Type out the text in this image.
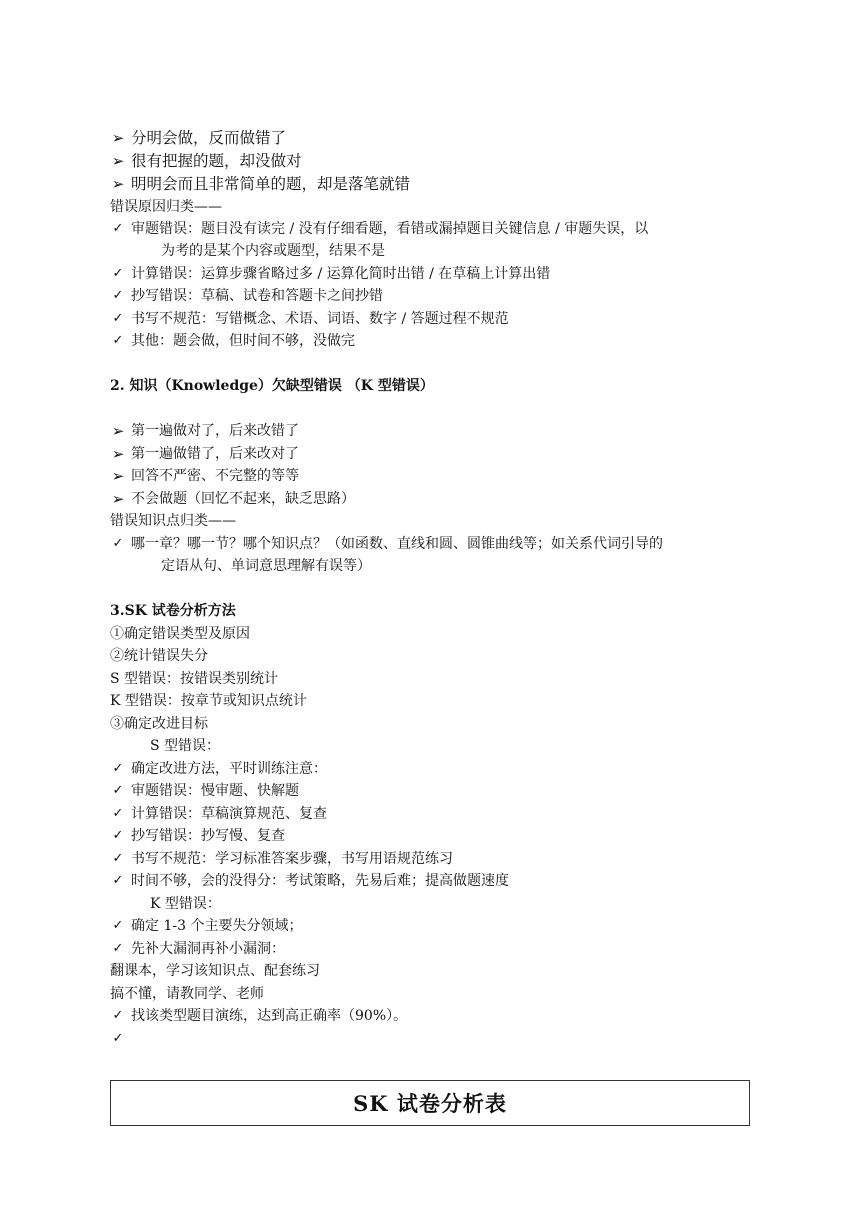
➢ 分明会做，反而做错了
➢ 很有把握的题，却没做对
➢ 明明会而且非常简单的题，却是落笔就错
错误原因归类——
✓ 审题错误：题目没有读完 / 没有仔细看题，看错或漏掉题目关键信息 / 审题失误，以
为考的是某个内容或题型，结果不是
✓ 计算错误：运算步骤省略过多 / 运算化简时出错 / 在草稿上计算出错
✓ 抄写错误：草稿、试卷和答题卡之间抄错
✓ 书写不规范：写错概念、术语、词语、数字 / 答题过程不规范
✓ 其他：题会做，但时间不够，没做完
2. 知识（Knowledge）欠缺型错误 （K 型错误）
➢ 第一遍做对了，后来改错了
➢ 第一遍做错了，后来改对了
➢ 回答不严密、不完整的等等
➢ 不会做题（回忆不起来，缺乏思路）
错误知识点归类——
✓ 哪一章？哪一节？哪个知识点？（如函数、直线和圆、圆锥曲线等；如关系代词引导的
定语从句、单词意思理解有误等）
3.SK 试卷分析方法
①确定错误类型及原因
②统计错误失分
S 型错误：按错误类别统计
K 型错误：按章节或知识点统计
③确定改进目标
S 型错误：
✓ 确定改进方法，平时训练注意：
✓ 审题错误：慢审题、快解题
✓ 计算错误：草稿演算规范、复查
✓ 抄写错误：抄写慢、复查
✓ 书写不规范：学习标准答案步骤，书写用语规范练习
✓ 时间不够，会的没得分：考试策略，先易后难；提高做题速度
K 型错误：
✓ 确定 1-3 个主要失分领域；
✓ 先补大漏洞再补小漏洞：
翻课本，学习该知识点、配套练习
搞不懂，请教同学、老师
✓ 找该类型题目演练，达到高正确率（90%）。
✓
SK 试卷分析表
